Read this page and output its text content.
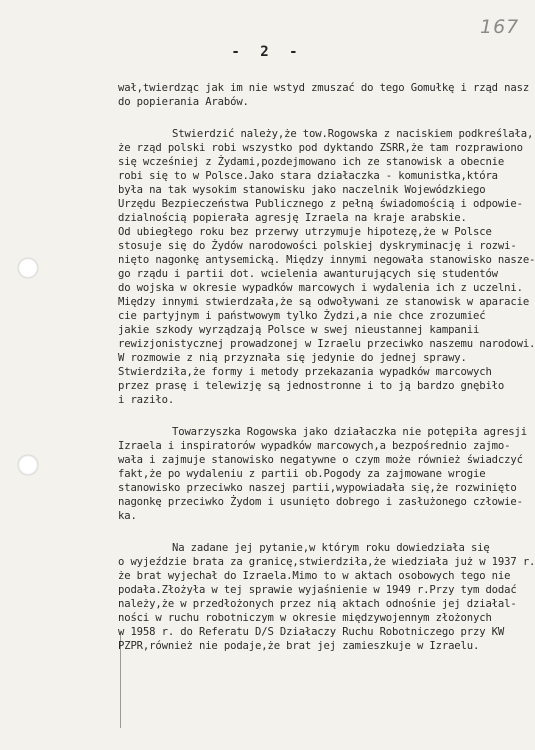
167
- 2 -
wał,twierdząc jak im nie wstyd zmuszać do tego Gomułkę i rząd nasz
do popierania Arabów.
Stwierdzić należy,że tow.Rogowska z naciskiem podkreślała,
że rząd polski robi wszystko pod dyktando ZSRR,że tam rozprawiono
się wcześniej z Żydami,pozdejmowano ich ze stanowisk a obecnie
robi się to w Polsce.Jako stara działaczka - komunistka,która
była na tak wysokim stanowisku jako naczelnik Wojewódzkiego
Urzędu Bezpieczeństwa Publicznego z pełną świadomością i odpowie-
dzialnością popierała agresję Izraela na kraje arabskie.
Od ubiegłego roku bez przerwy utrzymuje hipotezę,że w Polsce
stosuje się do Żydów narodowości polskiej dyskryminację i rozwi-
nięto nagonkę antysemicką. Między innymi negowała stanowisko nasze-
go rządu i partii dot. wcielenia awanturujących się studentów
do wojska w okresie wypadków marcowych i wydalenia ich z uczelni.
Między innymi stwierdzała,że są odwoływani ze stanowisk w aparacie
cie partyjnym i państwowym tylko Żydzi,a nie chce zrozumieć
jakie szkody wyrządzają Polsce w swej nieustannej kampanii
rewizjonistycznej prowadzonej w Izraelu przeciwko naszemu narodowi.
W rozmowie z nią przyznała się jedynie do jednej sprawy.
Stwierdziła,że formy i metody przekazania wypadków marcowych
przez prasę i telewizję są jednostronne i to ją bardzo gnębiło
i raziło.
Towarzyszka Rogowska jako działaczka nie potępiła agresji
Izraela i inspiratorów wypadków marcowych,a bezpośrednio zajmo-
wała i zajmuje stanowisko negatywne o czym może również świadczyć
fakt,że po wydaleniu z partii ob.Pogody za zajmowane wrogie
stanowisko przeciwko naszej partii,wypowiadała się,że rozwinięto
nagonkę przeciwko Żydom i usunięto dobrego i zasłużonego człowie-
ka.
Na zadane jej pytanie,w którym roku dowiedziała się
o wyjeździe brata za granicę,stwierdziła,że wiedziała już w 1937 r.
że brat wyjechał do Izraela.Mimo to w aktach osobowych tego nie
podała.Złożyła w tej sprawie wyjaśnienie w 1949 r.Przy tym dodać
należy,że w przedłożonych przez nią aktach odnośnie jej działal-
ności w ruchu robotniczym w okresie międzywojennym złożonych
w 1958 r. do Referatu D/S Działaczy Ruchu Robotniczego przy KW
PZPR,również nie podaje,że brat jej zamieszkuje w Izraelu.
